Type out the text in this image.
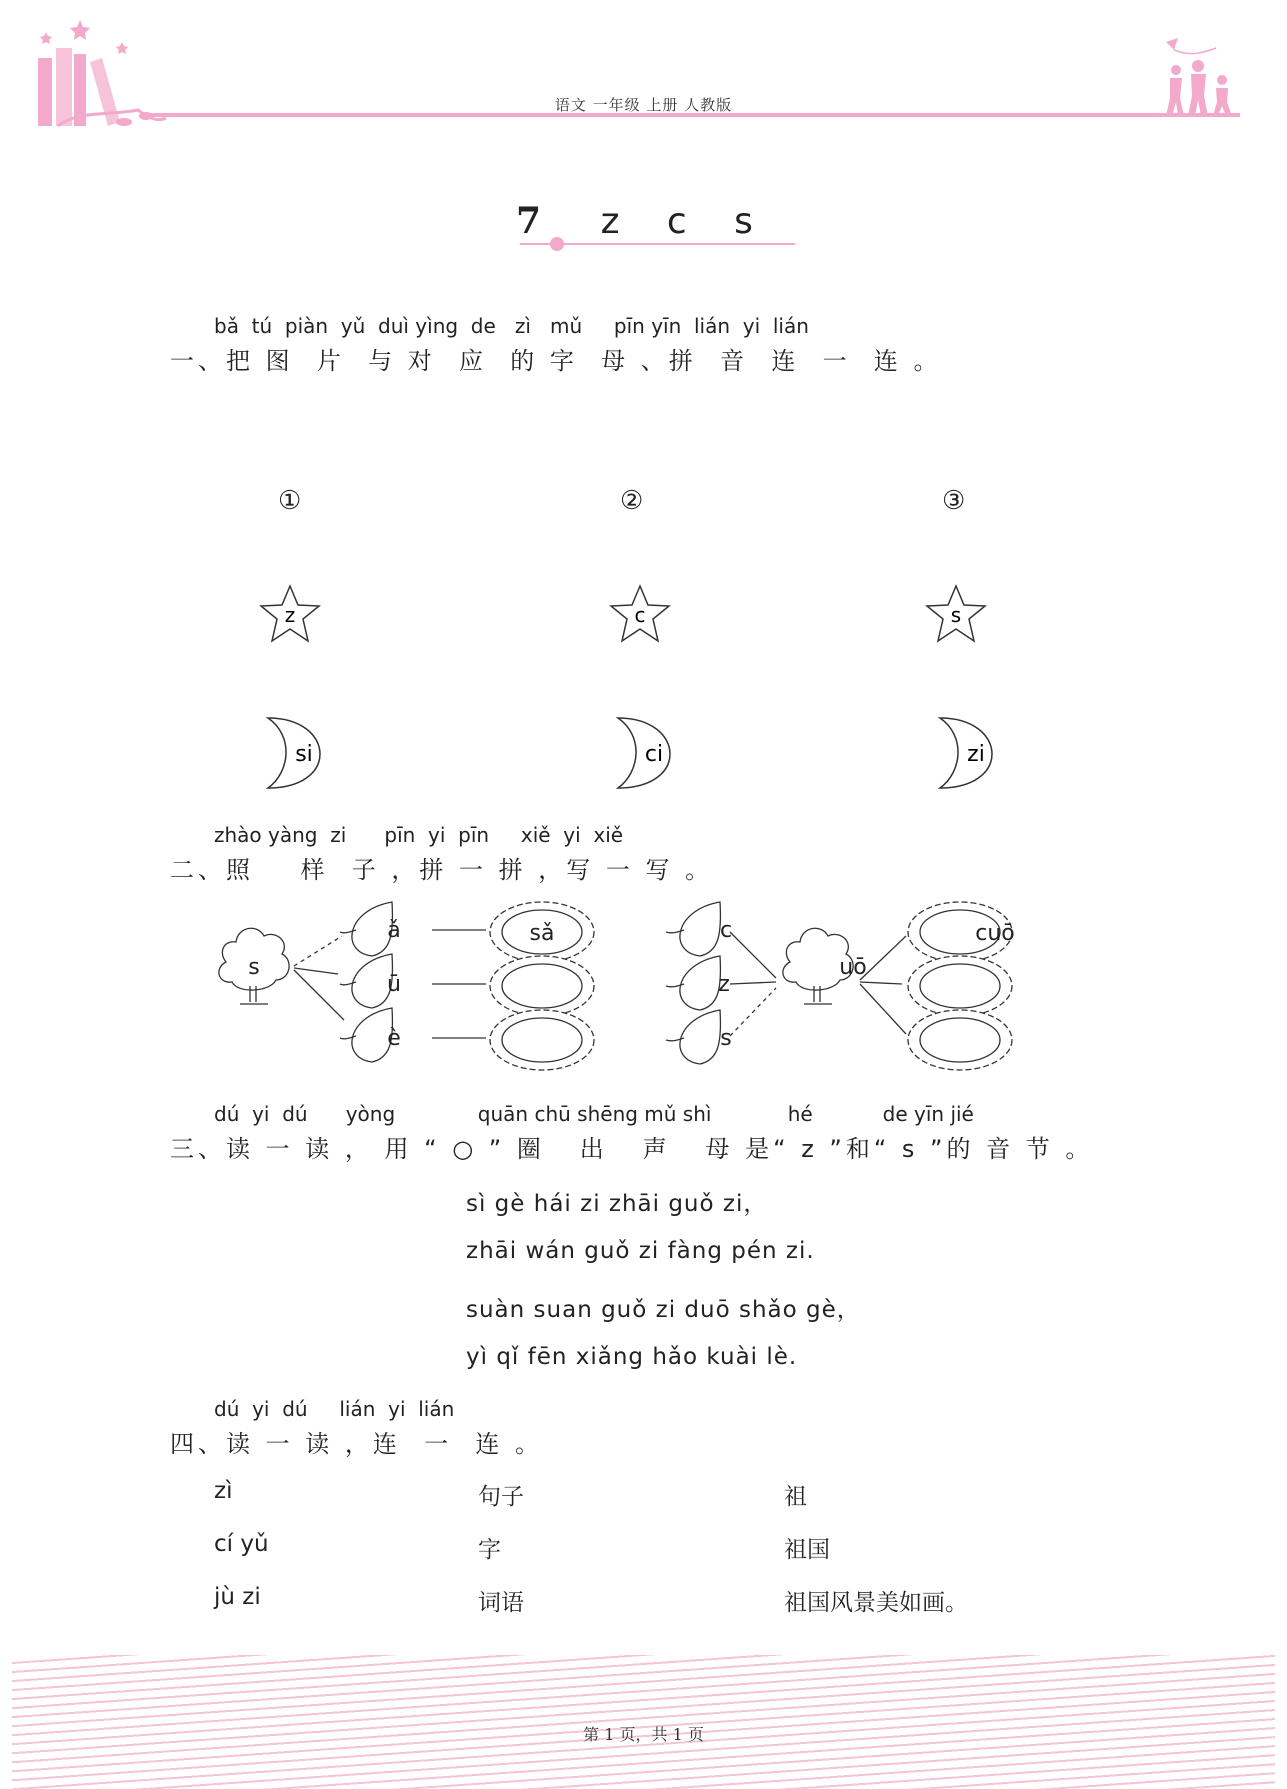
语文 一年级 上册 人教版
7 z c s
bǎ  tú  piàn  yǔ  duì yìng  de   zì   mǔ     pīn yīn  lián  yi  lián
一、把 图  片  与 对  应  的 字  母 、拼  音  连  一  连 。
①	②	③
z	c	s
si	ci	zi
zhào yàng  zi      pīn  yi  pīn     xiě  yi  xiě
二、照    样  子 ，拼 一 拼 ，写 一 写 。
s
ǎ
ū
è
sǎ	c
z
s
uō
cuō
dú  yi  dú      yòng             quān chū shēng mǔ shì            hé           de yīn jié
三、读 一 读 ， 用 “ ○ ” 圈   出   声   母 是“ z ”和“ s ”的 音 节 。
sì gè hái zi zhāi guǒ zi，
zhāi wán guǒ zi fàng pén zi.
suàn suan guǒ zi duō shǎo gè，
yì qǐ fēn xiǎng hǎo kuài lè.
dú  yi  dú     lián  yi  lián
四、读 一 读 ，连  一  连 。
zì
cí yǔ
jù zi
句子
字
词语
祖
祖国
祖国风景美如画。
第 1 页，共 1 页
